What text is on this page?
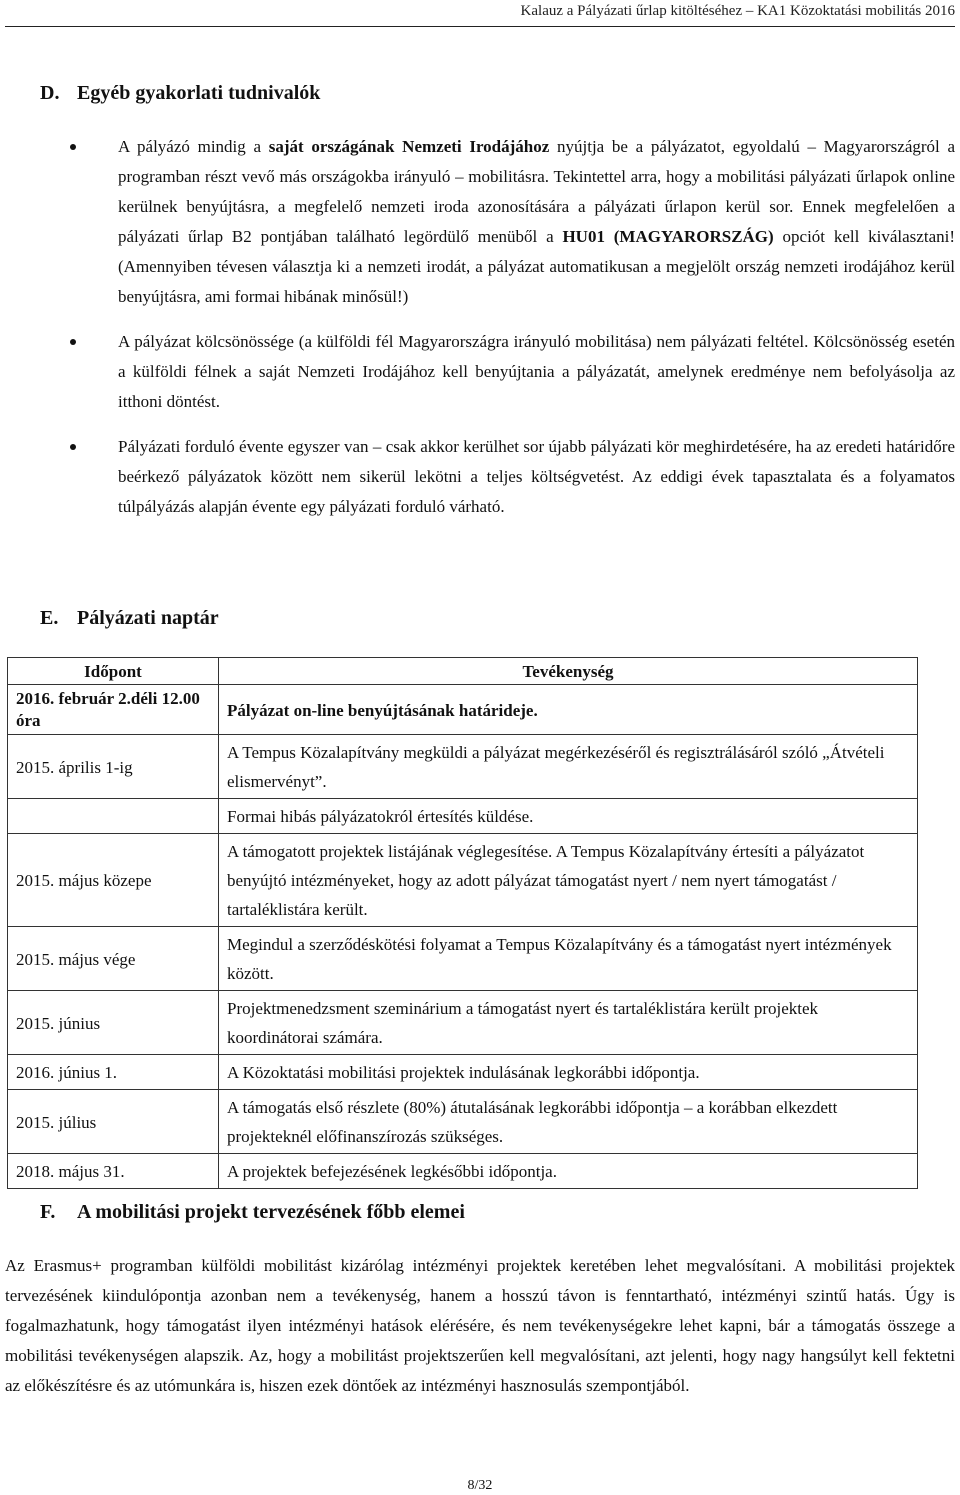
Kalauz a Pályázati űrlap kitöltéséhez – KA1 Közoktatási mobilitás 2016
D. Egyéb gyakorlati tudnivalók

A pályázó mindig a saját országának Nemzeti Irodájához nyújtja be a pályázatot, egyoldalú – Magyarországról a programban részt vevő más országokba irányuló – mobilitásra. Tekintettel arra, hogy a mobilitási pályázati űrlapok online kerülnek benyújtásra, a megfelelő nemzeti iroda azonosítására a pályázati űrlapon kerül sor. Ennek megfelelően a pályázati űrlap B2 pontjában található legördülő menüből a HU01 (MAGYARORSZÁG) opciót kell kiválasztani! (Amennyiben tévesen választja ki a nemzeti irodát, a pályázat automatikusan a megjelölt ország nemzeti irodájához kerül benyújtásra, ami formai hibának minősül!)

A pályázat kölcsönössége (a külföldi fél Magyarországra irányuló mobilitása) nem pályázati feltétel. Kölcsönösség esetén a külföldi félnek a saját Nemzeti Irodájához kell benyújtania a pályázatát, amelynek eredménye nem befolyásolja az itthoni döntést.

Pályázati forduló évente egyszer van – csak akkor kerülhet sor újabb pályázati kör meghirdetésére, ha az eredeti határidőre beérkező pályázatok között nem sikerül lekötni a teljes költségvetést. Az eddigi évek tapasztalata és a folyamatos túlpályázás alapján évente egy pályázati forduló várható.

E. Pályázati naptár
Időpont	Tevékenység
2016. február 2.déli 12.00 óra	Pályázat on-line benyújtásának határideje.
2015. április 1-ig	A Tempus Közalapítvány megküldi a pályázat megérkezéséről és regisztrálásáról szóló „Átvételi elismervényt”.
	Formai hibás pályázatokról értesítés küldése.
2015. május közepe	A támogatott projektek listájának véglegesítése. A Tempus Közalapítvány értesíti a pályázatot benyújtó intézményeket, hogy az adott pályázat támogatást nyert / nem nyert támogatást / tartaléklistára került.
2015. május vége	Megindul a szerződéskötési folyamat a Tempus Közalapítvány és a támogatást nyert intézmények között.
2015. június	Projektmenedzsment szeminárium a támogatást nyert és tartaléklistára került projektek koordinátorai számára.
2016. június 1.	A Közoktatási mobilitási projektek indulásának legkorábbi időpontja.
2015. július	A támogatás első részlete (80%) átutalásának legkorábbi időpontja – a korábban elkezdett projekteknél előfinanszírozás szükséges.
2018. május 31.	A projektek befejezésének legkésőbbi időpontja.
F. A mobilitási projekt tervezésének főbb elemei

Az Erasmus+ programban külföldi mobilitást kizárólag intézményi projektek keretében lehet megvalósítani. A mobilitási projektek tervezésének kiindulópontja azonban nem a tevékenység, hanem a hosszú távon is fenntartható, intézményi szintű hatás. Úgy is fogalmazhatunk, hogy támogatást ilyen intézményi hatások elérésére, és nem tevékenységekre lehet kapni, bár a támogatás összege a mobilitási tevékenységen alapszik. Az, hogy a mobilitást projektszerűen kell megvalósítani, azt jelenti, hogy nagy hangsúlyt kell fektetni az előkészítésre és az utómunkára is, hiszen ezek döntőek az intézményi hasznosulás szempontjából.

8/32
